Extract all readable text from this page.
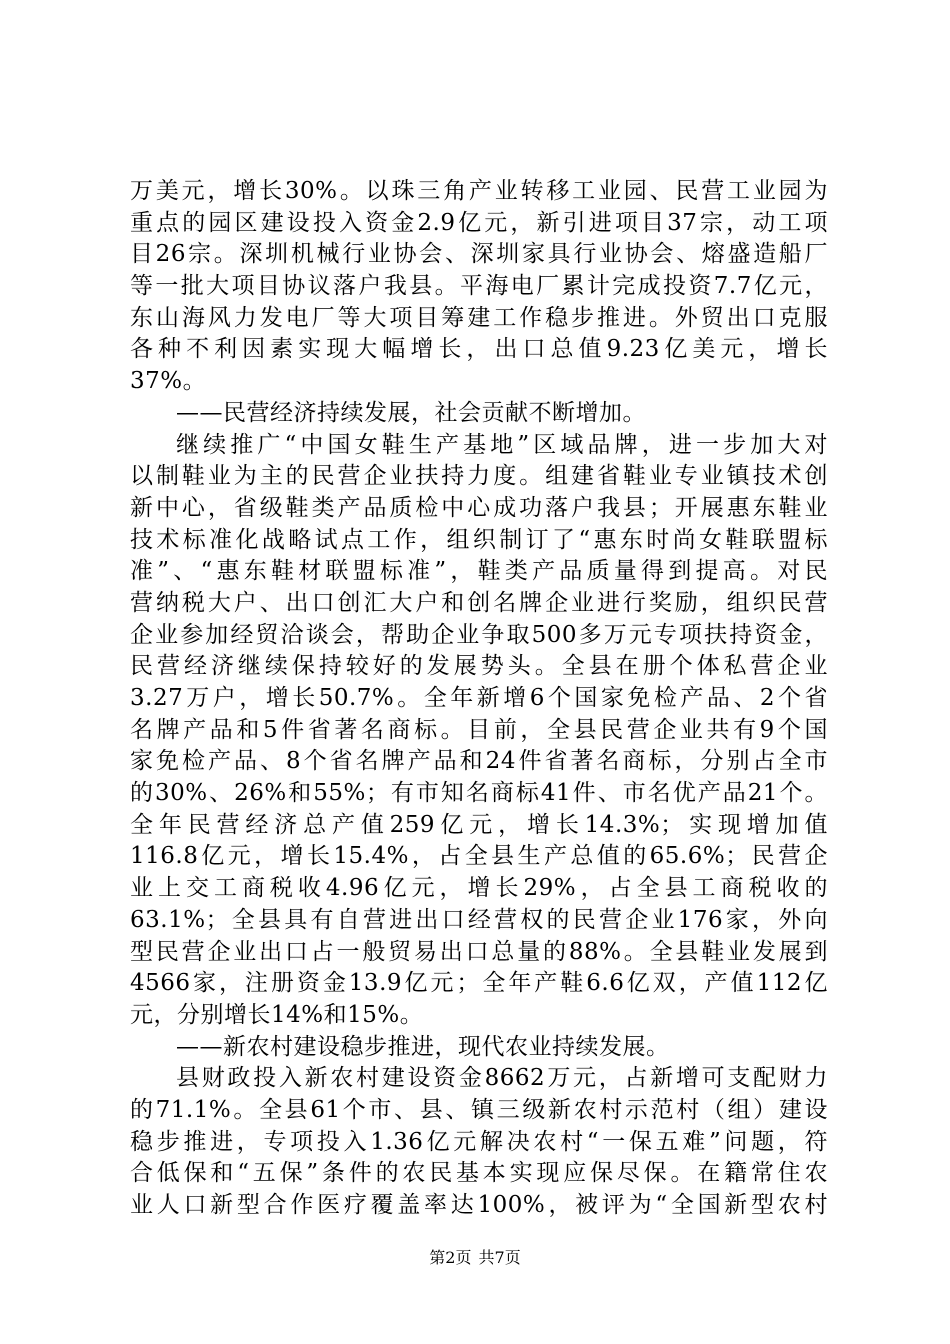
万美元，增长30%。以珠三角产业转移工业园、民营工业园为
重点的园区建设投入资金2.9亿元，新引进项目37宗，动工项
目26宗。深圳机械行业协会、深圳家具行业协会、熔盛造船厂
等一批大项目协议落户我县。平海电厂累计完成投资7.7亿元，
东山海风力发电厂等大项目筹建工作稳步推进。外贸出口克服
各种不利因素实现大幅增长，出口总值9.23亿美元，增长
37%。
——民营经济持续发展，社会贡献不断增加。
继续推广“中国女鞋生产基地”区域品牌，进一步加大对
以制鞋业为主的民营企业扶持力度。组建省鞋业专业镇技术创
新中心，省级鞋类产品质检中心成功落户我县；开展惠东鞋业
技术标准化战略试点工作，组织制订了“惠东时尚女鞋联盟标
准”、“惠东鞋材联盟标准”，鞋类产品质量得到提高。对民
营纳税大户、出口创汇大户和创名牌企业进行奖励，组织民营
企业参加经贸洽谈会，帮助企业争取500多万元专项扶持资金，
民营经济继续保持较好的发展势头。全县在册个体私营企业
3.27万户，增长50.7%。全年新增6个国家免检产品、2个省
名牌产品和5件省著名商标。目前，全县民营企业共有9个国
家免检产品、8个省名牌产品和24件省著名商标，分别占全市
的30%、26%和55%；有市知名商标41件、市名优产品21个。
全年民营经济总产值259亿元，增长14.3%；实现增加值
116.8亿元，增长15.4%，占全县生产总值的65.6%；民营企
业上交工商税收4.96亿元，增长29%，占全县工商税收的
63.1%；全县具有自营进出口经营权的民营企业176家，外向
型民营企业出口占一般贸易出口总量的88%。全县鞋业发展到
4566家，注册资金13.9亿元；全年产鞋6.6亿双，产值112亿
元，分别增长14%和15%。
——新农村建设稳步推进，现代农业持续发展。
县财政投入新农村建设资金8662万元，占新增可支配财力
的71.1%。全县61个市、县、镇三级新农村示范村（组）建设
稳步推进，专项投入1.36亿元解决农村“一保五难”问题，符
合低保和“五保”条件的农民基本实现应保尽保。在籍常住农
业人口新型合作医疗覆盖率达100%，被评为“全国新型农村
第2页 共7页
